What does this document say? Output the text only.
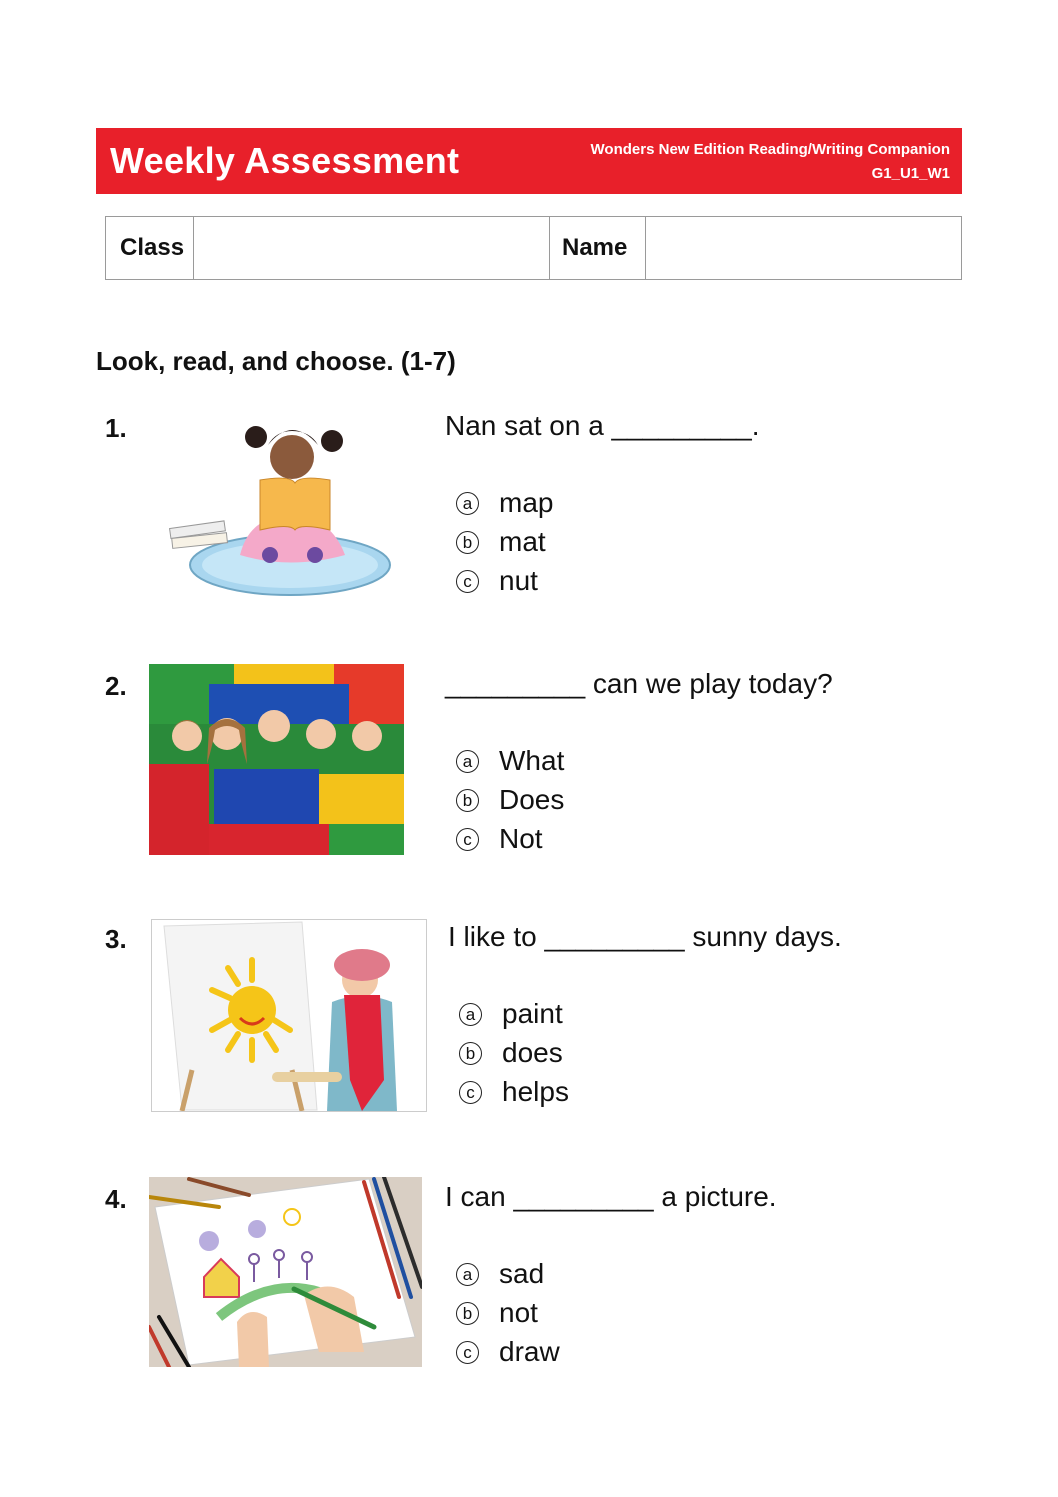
Weekly Assessment	Wonders New Edition Reading/Writing Companion
G1_U1_W1
Class	Name
Look, read, and choose. (1-7)
1.	Nan sat on a _________.
a map
b mat
c nut
2.	_________ can we play today?
a What
b Does
c Not
3.	I like to _________ sunny days.
a paint
b does
c helps
4.	I can _________ a picture.
a sad
b not
c draw
